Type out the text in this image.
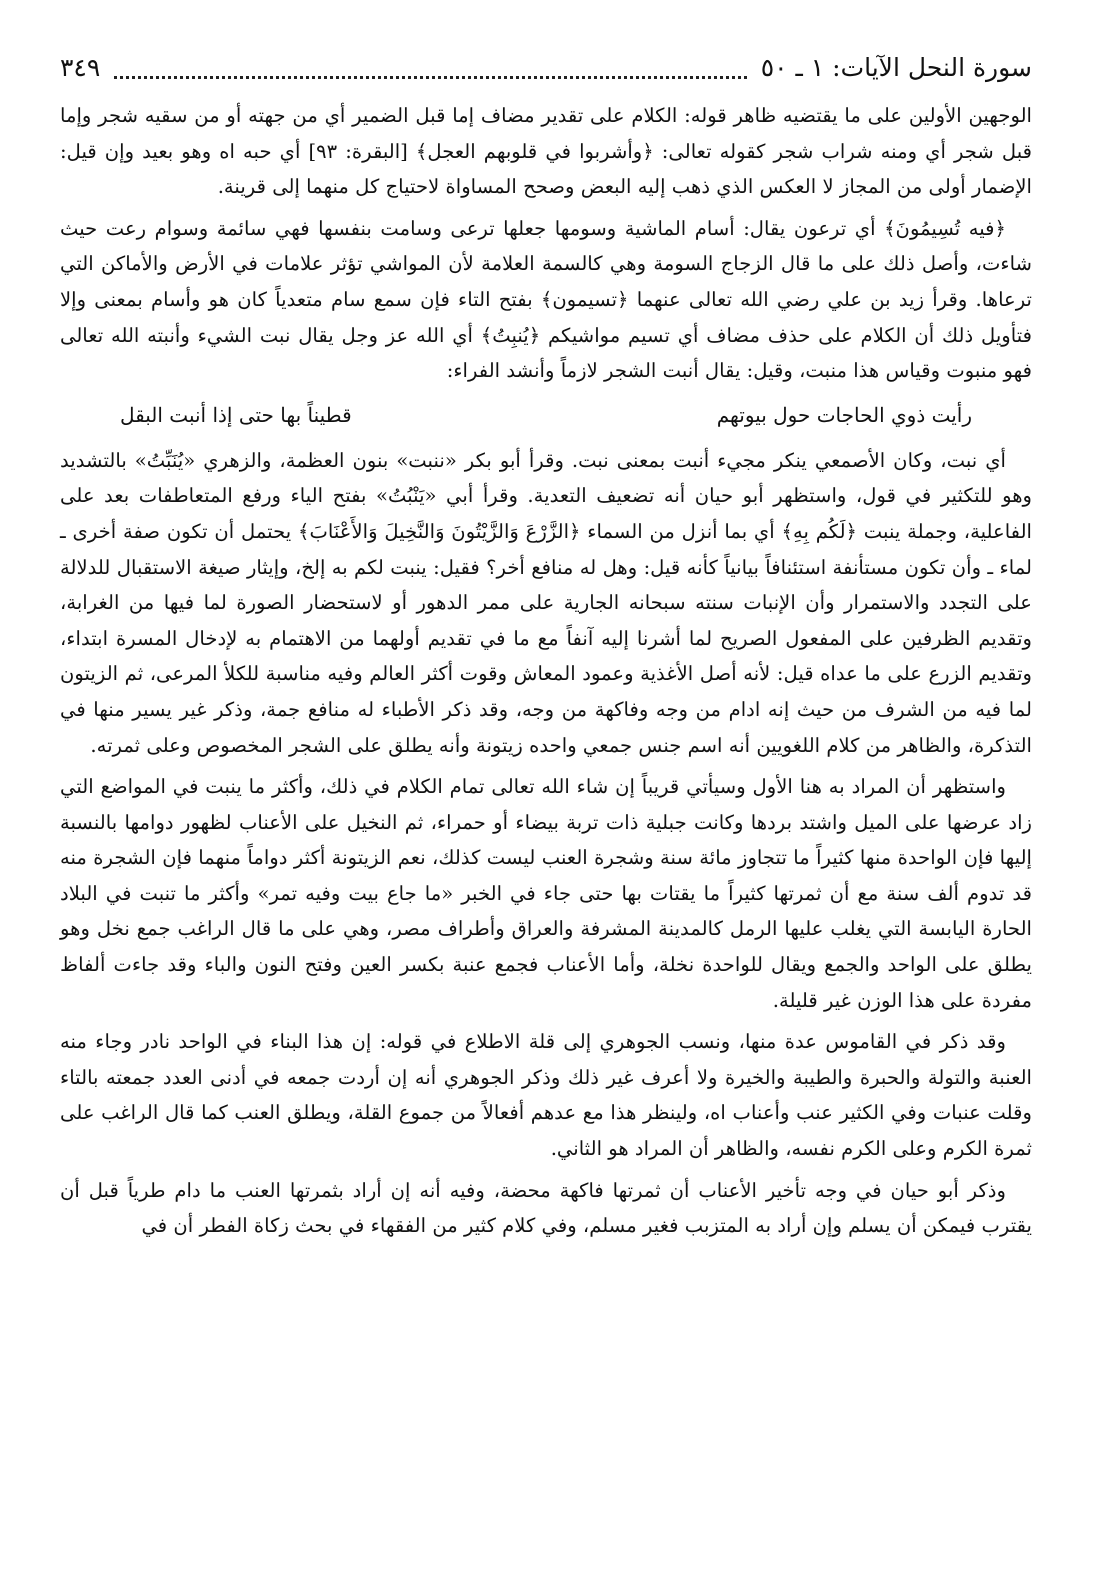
سورة النحل الآيات: ١ ـ ٥٠
٣٤٩

الوجهين الأولين على ما يقتضيه ظاهر قوله: الكلام على تقدير مضاف إما قبل الضمير أي من جهته أو من سقيه شجر وإما قبل شجر أي ومنه شراب شجر كقوله تعالى: ﴿وأشربوا في قلوبهم العجل﴾ [البقرة: ٩٣] أي حبه اه وهو بعيد وإن قيل: الإضمار أولى من المجاز لا العكس الذي ذهب إليه البعض وصحح المساواة لاحتياج كل منهما إلى قرينة.

﴿فيه تُسِيمُونَ﴾ أي ترعون يقال: أسام الماشية وسومها جعلها ترعى وسامت بنفسها فهي سائمة وسوام رعت حيث شاءت، وأصل ذلك على ما قال الزجاج السومة وهي كالسمة العلامة لأن المواشي تؤثر علامات في الأرض والأماكن التي ترعاها. وقرأ زيد بن علي رضي الله تعالى عنهما ﴿تسيمون﴾ بفتح التاء فإن سمع سام متعدياً كان هو وأسام بمعنى وإلا فتأويل ذلك أن الكلام على حذف مضاف أي تسيم مواشيكم ﴿يُنبِتُ﴾ أي الله عز وجل يقال نبت الشيء وأنبته الله تعالى فهو منبوت وقياس هذا منبت، وقيل: يقال أنبت الشجر لازماً وأنشد الفراء:

رأيت ذوي الحاجات حول بيوتهم
قطيناً بها حتى إذا أنبت البقل

أي نبت، وكان الأصمعي ينكر مجيء أنبت بمعنى نبت. وقرأ أبو بكر «ننبت» بنون العظمة، والزهري «يُنَبِّتُ» بالتشديد وهو للتكثير في قول، واستظهر أبو حيان أنه تضعيف التعدية. وقرأ أبي «يَنْبُتُ» بفتح الياء ورفع المتعاطفات بعد على الفاعلية، وجملة ينبت ﴿لَكُم بِهِ﴾ أي بما أنزل من السماء ﴿الزَّرْعَ وَالزَّيْتُونَ وَالنَّخِيلَ وَالأَعْنَابَ﴾ يحتمل أن تكون صفة أخرى ـ لماء ـ وأن تكون مستأنفة استئنافاً بيانياً كأنه قيل: وهل له منافع أخر؟ فقيل: ينبت لكم به إلخ، وإيثار صيغة الاستقبال للدلالة على التجدد والاستمرار وأن الإنبات سنته سبحانه الجارية على ممر الدهور أو لاستحضار الصورة لما فيها من الغرابة، وتقديم الظرفين على المفعول الصريح لما أشرنا إليه آنفاً مع ما في تقديم أولهما من الاهتمام به لإدخال المسرة ابتداء، وتقديم الزرع على ما عداه قيل: لأنه أصل الأغذية وعمود المعاش وقوت أكثر العالم وفيه مناسبة للكلأ المرعى، ثم الزيتون لما فيه من الشرف من حيث إنه ادام من وجه وفاكهة من وجه، وقد ذكر الأطباء له منافع جمة، وذكر غير يسير منها في التذكرة، والظاهر من كلام اللغويين أنه اسم جنس جمعي واحده زيتونة وأنه يطلق على الشجر المخصوص وعلى ثمرته.

واستظهر أن المراد به هنا الأول وسيأتي قريباً إن شاء الله تعالى تمام الكلام في ذلك، وأكثر ما ينبت في المواضع التي زاد عرضها على الميل واشتد بردها وكانت جبلية ذات تربة بيضاء أو حمراء، ثم النخيل على الأعناب لظهور دوامها بالنسبة إليها فإن الواحدة منها كثيراً ما تتجاوز مائة سنة وشجرة العنب ليست كذلك، نعم الزيتونة أكثر دواماً منهما فإن الشجرة منه قد تدوم ألف سنة مع أن ثمرتها كثيراً ما يقتات بها حتى جاء في الخبر «ما جاع بيت وفيه تمر» وأكثر ما تنبت في البلاد الحارة اليابسة التي يغلب عليها الرمل كالمدينة المشرفة والعراق وأطراف مصر، وهي على ما قال الراغب جمع نخل وهو يطلق على الواحد والجمع ويقال للواحدة نخلة، وأما الأعناب فجمع عنبة بكسر العين وفتح النون والباء وقد جاءت ألفاظ مفردة على هذا الوزن غير قليلة.

وقد ذكر في القاموس عدة منها، ونسب الجوهري إلى قلة الاطلاع في قوله: إن هذا البناء في الواحد نادر وجاء منه العنبة والتولة والحبرة والطيبة والخيرة ولا أعرف غير ذلك وذكر الجوهري أنه إن أردت جمعه في أدنى العدد جمعته بالتاء وقلت عنبات وفي الكثير عنب وأعناب اه، ولينظر هذا مع عدهم أفعالاً من جموع القلة، ويطلق العنب كما قال الراغب على ثمرة الكرم وعلى الكرم نفسه، والظاهر أن المراد هو الثاني.

وذكر أبو حيان في وجه تأخير الأعناب أن ثمرتها فاكهة محضة، وفيه أنه إن أراد بثمرتها العنب ما دام طرياً قبل أن يقترب فيمكن أن يسلم وإن أراد به المتزبب فغير مسلم، وفي كلام كثير من الفقهاء في بحث زكاة الفطر أن في
